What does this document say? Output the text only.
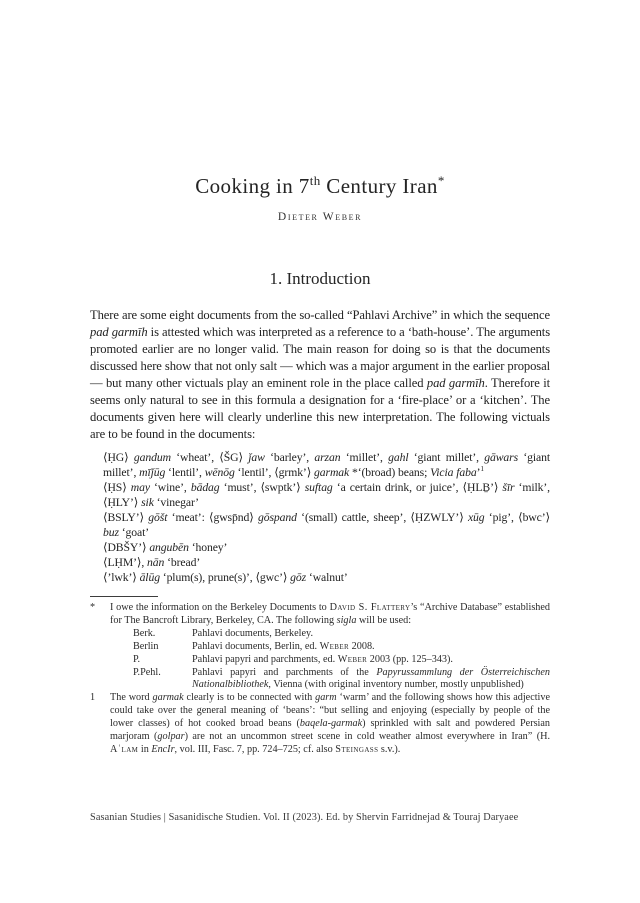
Cooking in 7th Century Iran*
Dieter Weber
1. Introduction

There are some eight documents from the so-called “Pahlavi Archive” in which the sequence pad garmīh is attested which was interpreted as a reference to a ‘bath-house’. The arguments promoted earlier are no longer valid. The main reason for doing so is that the documents discussed here show that not only salt — which was a major argument in the earlier proposal — but many other victuals play an eminent role in the place called pad garmīh. Therefore it seems only natural to see in this formula a designation for a ‘fire-place’ or a ‘kitchen’. The documents given here will clearly underline this new interpretation. The following victuals are to be found in the documents:

⟨ḤG⟩ gandum ‘wheat’, ⟨ŠG⟩ ǰaw ‘barley’, arzan ‘millet’, gahl ‘giant millet’, gāwars ‘giant millet’, mīǰūg ‘lentil’, wēnōg ‘lentil’, ⟨grmk’⟩ garmak *‘(broad) beans; Vicia faba’$^1$

⟨ḤS⟩ may ‘wine’, bādag ‘must’, ⟨swptk’⟩ suftag ‘a certain drink, or juice’, ⟨ḤLḆ’⟩ šīr ‘milk’, ⟨ḤLY’⟩ sik ‘vinegar’

⟨BSLY’⟩ gōšt ‘meat’: ⟨gwsp̄nd⟩ gōspand ‘(small) cattle, sheep’, ⟨ḤZWLY’⟩ xūg ‘pig’, ⟨bwc’⟩ buz ‘goat’

⟨DBŠY’⟩ angubēn ‘honey’

⟨LḤM’⟩, nān ‘bread’

⟨’lwk’⟩ ālūg ‘plum(s), prune(s)’, ⟨gwc’⟩ gōz ‘walnut’

* I owe the information on the Berkeley Documents to David S. Flattery’s “Archive Database” established for The Bancroft Library, Berkeley, CA. The following sigla will be used:
Berk.	Pahlavi documents, Berkeley.
Berlin	Pahlavi documents, Berlin, ed. Weber 2008.
P.	Pahlavi papyri and parchments, ed. Weber 2003 (pp. 125–343).
P.Pehl.	Pahlavi papyri and parchments of the Papyrussammlung der Österreichischen Nationalbibliothek, Vienna (with original inventory number, mostly unpublished)
1 The word garmak clearly is to be connected with garm ‘warm’ and the following shows how this adjective could take over the general meaning of ‘beans’: “but selling and enjoying (especially by people of the lower classes) of hot cooked broad beans (baqela-garmak) sprinkled with salt and powdered Persian marjoram (golpar) are not an uncommon street scene in cold weather almost everywhere in Iran” (H. Aʿlam in EncIr, vol. III, Fasc. 7, pp. 724–725; cf. also Steingass s.v.).
Sasanian Studies | Sasanidische Studien. Vol. II (2023). Ed. by Shervin Farridnejad & Touraj Daryaee
